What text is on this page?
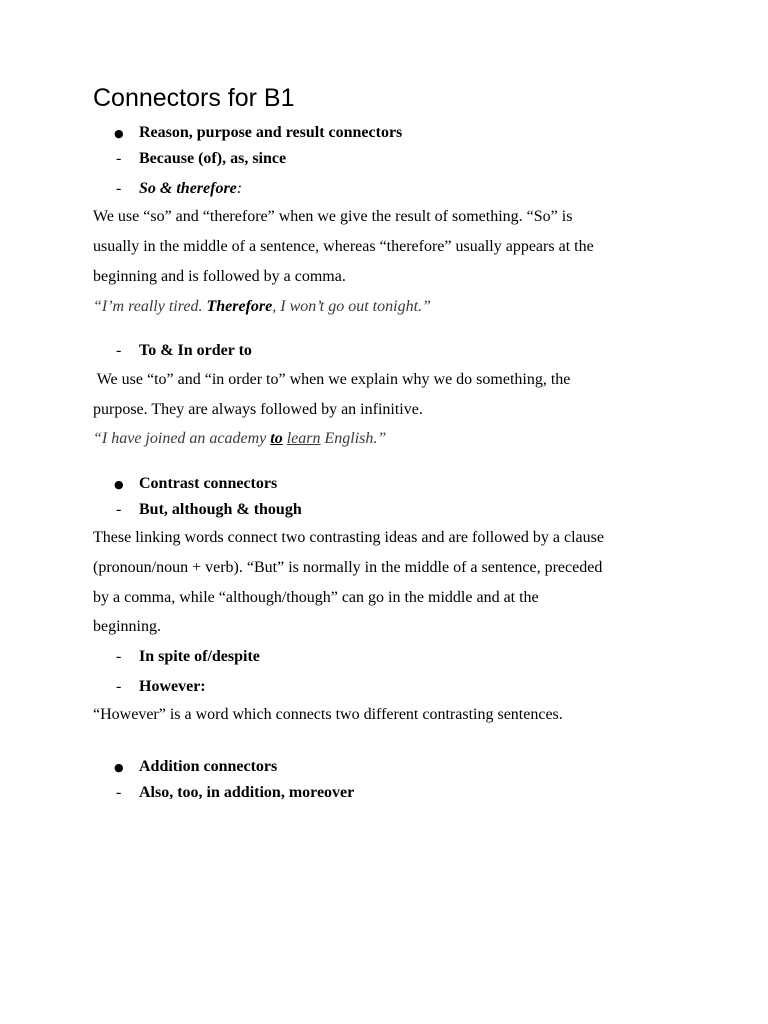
Connectors for B1
● Reason, purpose and result connectors
- Because (of), as, since
- So & therefore:
We use “so” and “therefore” when we give the result of something. “So” is
usually in the middle of a sentence, whereas “therefore” usually appears at the
beginning and is followed by a comma.
“I’m really tired. Therefore, I won’t go out tonight.”
- To & In order to
We use “to” and “in order to” when we explain why we do something, the
purpose. They are always followed by an infinitive.
“I have joined an academy to learn English.”
● Contrast connectors
- But, although & though
These linking words connect two contrasting ideas and are followed by a clause
(pronoun/noun + verb). “But” is normally in the middle of a sentence, preceded
by a comma, while “although/though” can go in the middle and at the
beginning.
- In spite of/despite
- However:
“However” is a word which connects two different contrasting sentences.
● Addition connectors
- Also, too, in addition, moreover
